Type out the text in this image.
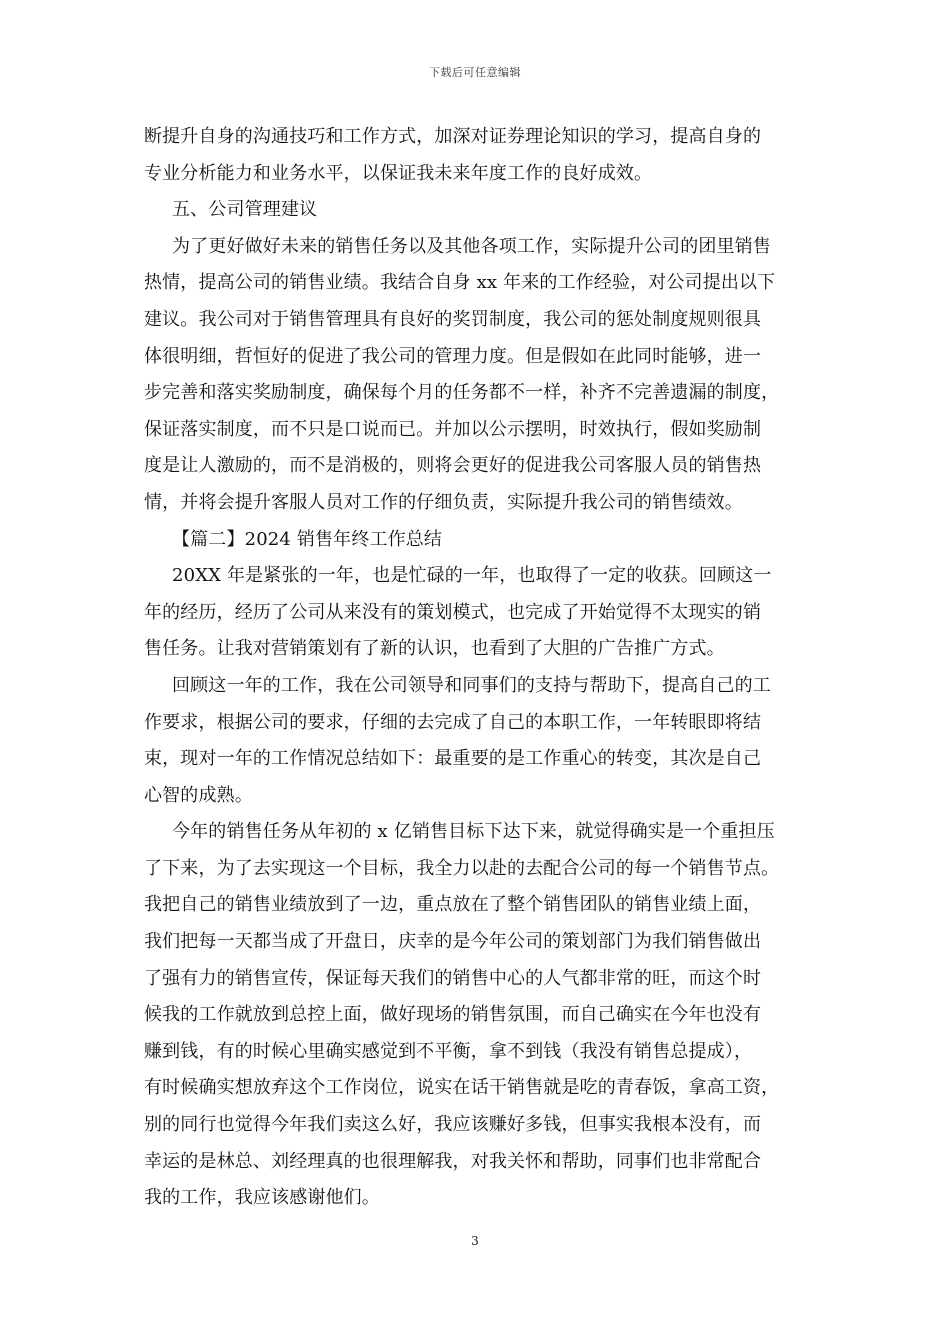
下载后可任意编辑
断提升自身的沟通技巧和工作方式，加深对证券理论知识的学习，提高自身的
专业分析能力和业务水平，以保证我未来年度工作的良好成效。
五、公司管理建议
为了更好做好未来的销售任务以及其他各项工作，实际提升公司的团里销售
热情，提高公司的销售业绩。我结合自身 xx 年来的工作经验，对公司提出以下
建议。我公司对于销售管理具有良好的奖罚制度，我公司的惩处制度规则很具
体很明细，哲恒好的促进了我公司的管理力度。但是假如在此同时能够，进一
步完善和落实奖励制度，确保每个月的任务都不一样，补齐不完善遗漏的制度，
保证落实制度，而不只是口说而已。并加以公示摆明，时效执行，假如奖励制
度是让人激励的，而不是消极的，则将会更好的促进我公司客服人员的销售热
情，并将会提升客服人员对工作的仔细负责，实际提升我公司的销售绩效。
【篇二】2024 销售年终工作总结
20XX 年是紧张的一年，也是忙碌的一年，也取得了一定的收获。回顾这一
年的经历，经历了公司从来没有的策划模式，也完成了开始觉得不太现实的销
售任务。让我对营销策划有了新的认识，也看到了大胆的广告推广方式。
回顾这一年的工作，我在公司领导和同事们的支持与帮助下，提高自己的工
作要求，根据公司的要求，仔细的去完成了自己的本职工作，一年转眼即将结
束，现对一年的工作情况总结如下：最重要的是工作重心的转变，其次是自己
心智的成熟。
今年的销售任务从年初的 x 亿销售目标下达下来，就觉得确实是一个重担压
了下来，为了去实现这一个目标，我全力以赴的去配合公司的每一个销售节点。
我把自己的销售业绩放到了一边，重点放在了整个销售团队的销售业绩上面，
我们把每一天都当成了开盘日，庆幸的是今年公司的策划部门为我们销售做出
了强有力的销售宣传，保证每天我们的销售中心的人气都非常的旺，而这个时
候我的工作就放到总控上面，做好现场的销售氛围，而自己确实在今年也没有
赚到钱，有的时候心里确实感觉到不平衡，拿不到钱（我没有销售总提成），
有时候确实想放弃这个工作岗位，说实在话干销售就是吃的青春饭，拿高工资，
别的同行也觉得今年我们卖这么好，我应该赚好多钱，但事实我根本没有，而
幸运的是林总、刘经理真的也很理解我，对我关怀和帮助，同事们也非常配合
我的工作，我应该感谢他们。
3
